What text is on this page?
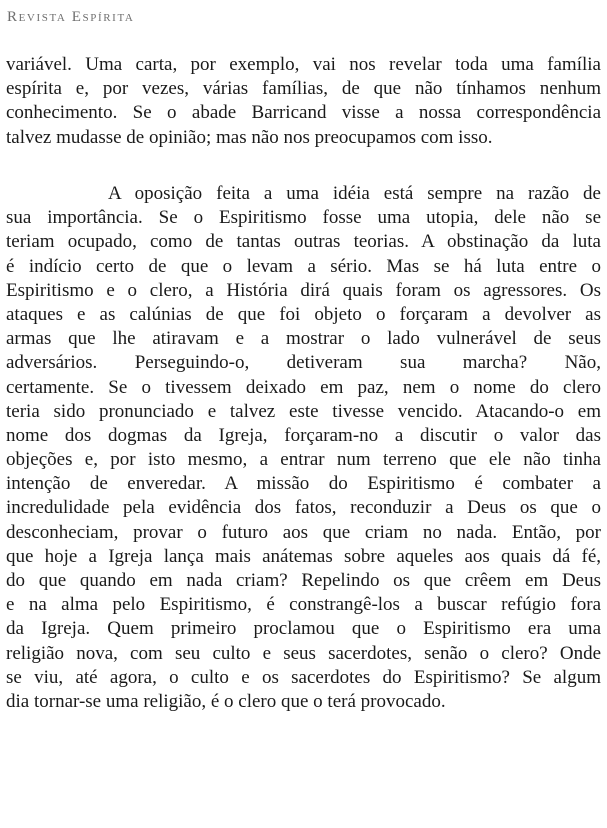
Revista Espírita
variável. Uma carta, por exemplo, vai nos revelar toda uma família
espírita e, por vezes, várias famílias, de que não tínhamos nenhum
conhecimento. Se o abade Barricand visse a nossa correspondência
talvez mudasse de opinião; mas não nos preocupamos com isso.
A oposição feita a uma idéia está sempre na razão de
sua importância. Se o Espiritismo fosse uma utopia, dele não se
teriam ocupado, como de tantas outras teorias. A obstinação da luta
é indício certo de que o levam a sério. Mas se há luta entre o
Espiritismo e o clero, a História dirá quais foram os agressores. Os
ataques e as calúnias de que foi objeto o forçaram a devolver as
armas que lhe atiravam e a mostrar o lado vulnerável de seus
adversários. Perseguindo-o, detiveram sua marcha? Não,
certamente. Se o tivessem deixado em paz, nem o nome do clero
teria sido pronunciado e talvez este tivesse vencido. Atacando-o em
nome dos dogmas da Igreja, forçaram-no a discutir o valor das
objeções e, por isto mesmo, a entrar num terreno que ele não tinha
intenção de enveredar. A missão do Espiritismo é combater a
incredulidade pela evidência dos fatos, reconduzir a Deus os que o
desconheciam, provar o futuro aos que criam no nada. Então, por
que hoje a Igreja lança mais anátemas sobre aqueles aos quais dá fé,
do que quando em nada criam? Repelindo os que crêem em Deus
e na alma pelo Espiritismo, é constrangê-los a buscar refúgio fora
da Igreja. Quem primeiro proclamou que o Espiritismo era uma
religião nova, com seu culto e seus sacerdotes, senão o clero? Onde
se viu, até agora, o culto e os sacerdotes do Espiritismo? Se algum
dia tornar-se uma religião, é o clero que o terá provocado.
